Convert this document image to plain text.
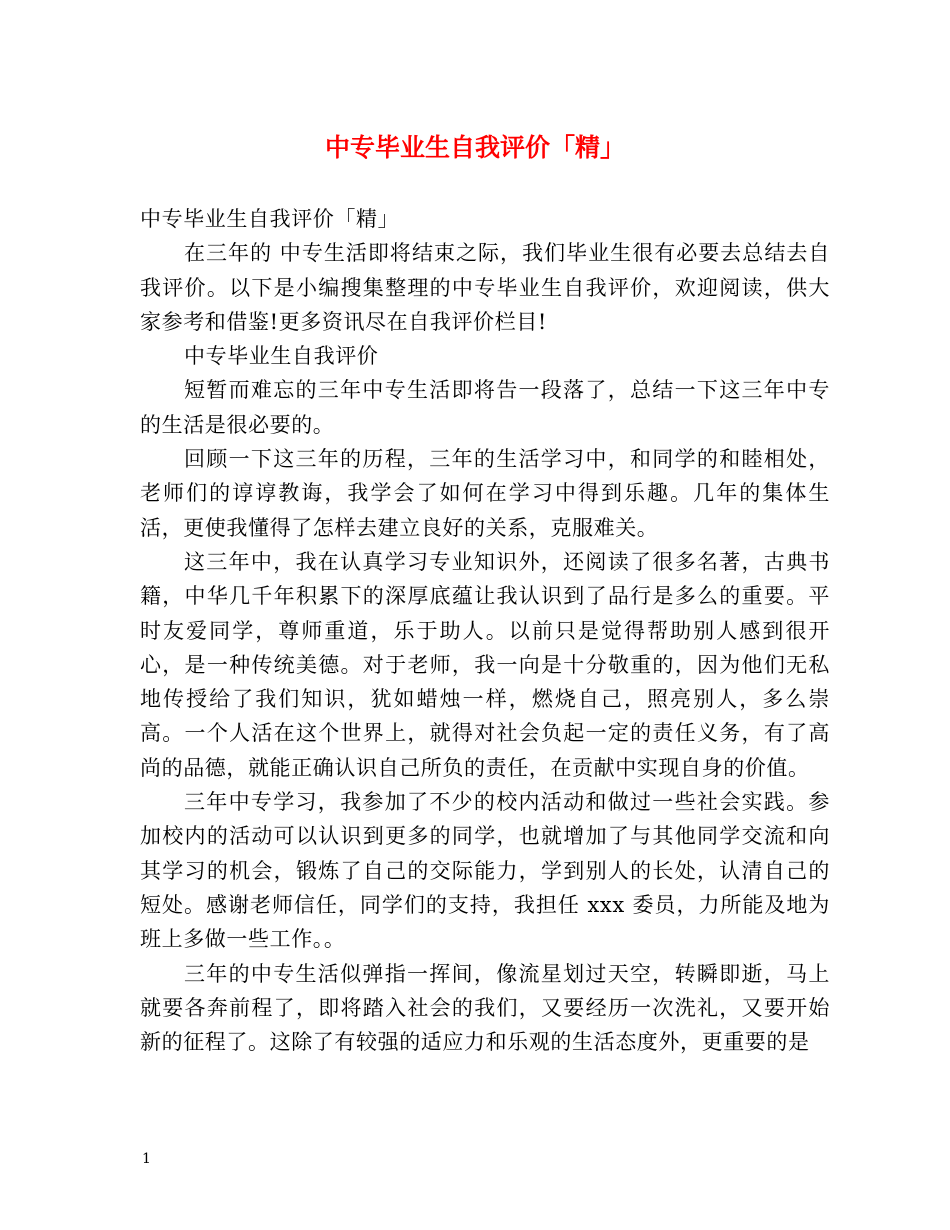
中专毕业生自我评价「精」

中专毕业生自我评价「精」

在三年的 中专生活即将结束之际，我们毕业生很有必要去总结去自我评价。以下是小编搜集整理的中专毕业生自我评价，欢迎阅读，供大家参考和借鉴!更多资讯尽在自我评价栏目!

中专毕业生自我评价

短暂而难忘的三年中专生活即将告一段落了，总结一下这三年中专的生活是很必要的。

回顾一下这三年的历程，三年的生活学习中，和同学的和睦相处，老师们的谆谆教诲，我学会了如何在学习中得到乐趣。几年的集体生活，更使我懂得了怎样去建立良好的关系，克服难关。

这三年中，我在认真学习专业知识外，还阅读了很多名著，古典书籍，中华几千年积累下的深厚底蕴让我认识到了品行是多么的重要。平时友爱同学，尊师重道，乐于助人。以前只是觉得帮助别人感到很开心，是一种传统美德。对于老师，我一向是十分敬重的，因为他们无私地传授给了我们知识，犹如蜡烛一样，燃烧自己，照亮别人，多么崇高。一个人活在这个世界上，就得对社会负起一定的责任义务，有了高尚的品德，就能正确认识自己所负的责任，在贡献中实现自身的价值。

三年中专学习，我参加了不少的校内活动和做过一些社会实践。参加校内的活动可以认识到更多的同学，也就增加了与其他同学交流和向其学习的机会，锻炼了自己的交际能力，学到别人的长处，认清自己的短处。感谢老师信任，同学们的支持，我担任 xxx 委员，力所能及地为班上多做一些工作。。

三年的中专生活似弹指一挥间，像流星划过天空，转瞬即逝，马上就要各奔前程了，即将踏入社会的我们，又要经历一次洗礼，又要开始新的征程了。这除了有较强的适应力和乐观的生活态度外，更重要的是

1
